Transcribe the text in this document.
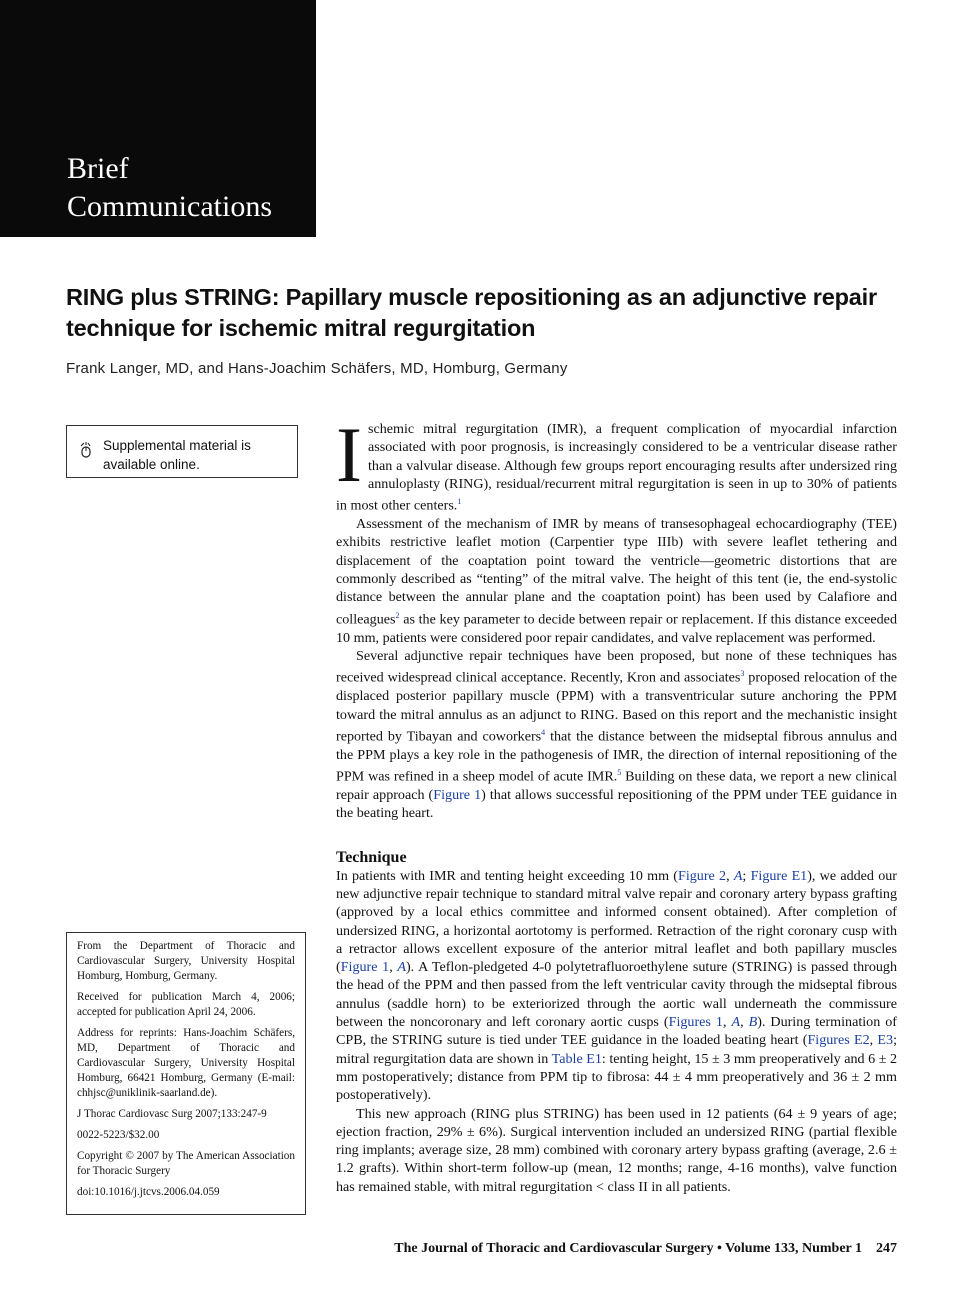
Brief
Communications
RING plus STRING: Papillary muscle repositioning as an adjunctive repair technique for ischemic mitral regurgitation
Frank Langer, MD, and Hans-Joachim Schäfers, MD, Homburg, Germany
Supplemental material is available online.	Ischemic mitral regurgitation (IMR), a frequent complication of myocardial infarction associated with poor prognosis, is increasingly considered to be a ventricular disease rather than a valvular disease. Although few groups report encouraging results after undersized ring annuloplasty (RING), residual/recurrent mitral regurgitation is seen in up to 30% of patients in most other centers.$^1$

Assessment of the mechanism of IMR by means of transesophageal echocardiography (TEE) exhibits restrictive leaflet motion (Carpentier type IIIb) with severe leaflet tethering and displacement of the coaptation point toward the ventricle—geometric distortions that are commonly described as “tenting” of the mitral valve. The height of this tent (ie, the end-systolic distance between the annular plane and the coaptation point) has been used by Calafiore and colleagues$^2$ as the key parameter to decide between repair or replacement. If this distance exceeded 10 mm, patients were considered poor repair candidates, and valve replacement was performed.

Several adjunctive repair techniques have been proposed, but none of these techniques has received widespread clinical acceptance. Recently, Kron and associates$^3$ proposed relocation of the displaced posterior papillary muscle (PPM) with a transventricular suture anchoring the PPM toward the mitral annulus as an adjunct to RING. Based on this report and the mechanistic insight reported by Tibayan and coworkers$^4$ that the distance between the midseptal fibrous annulus and the PPM plays a key role in the pathogenesis of IMR, the direction of internal repositioning of the PPM was refined in a sheep model of acute IMR.$^5$ Building on these data, we report a new clinical repair approach (Figure 1) that allows successful repositioning of the PPM under TEE guidance in the beating heart.

Technique

In patients with IMR and tenting height exceeding 10 mm (Figure 2, A; Figure E1), we added our new adjunctive repair technique to standard mitral valve repair and coronary artery bypass grafting (approved by a local ethics committee and informed consent obtained). After completion of undersized RING, a horizontal aortotomy is performed. Retraction of the right coronary cusp with a retractor allows excellent exposure of the anterior mitral leaflet and both papillary muscles (Figure 1, A). A Teflon-pledgeted 4-0 polytetrafluoroethylene suture (STRING) is passed through the head of the PPM and then passed from the left ventricular cavity through the midseptal fibrous annulus (saddle horn) to be exteriorized through the aortic wall underneath the commissure between the noncoronary and left coronary aortic cusps (Figures 1, A, B). During termination of CPB, the STRING suture is tied under TEE guidance in the loaded beating heart (Figures E2, E3; mitral regurgitation data are shown in Table E1: tenting height, 15 ± 3 mm preoperatively and 6 ± 2 mm postoperatively; distance from PPM tip to fibrosa: 44 ± 4 mm preoperatively and 36 ± 2 mm postoperatively).

This new approach (RING plus STRING) has been used in 12 patients (64 ± 9 years of age; ejection fraction, 29% ± 6%). Surgical intervention included an undersized RING (partial flexible ring implants; average size, 28 mm) combined with coronary artery bypass grafting (average, 2.6 ± 1.2 grafts). Within short-term follow-up (mean, 12 months; range, 4-16 months), valve function has remained stable, with mitral regurgitation < class II in all patients.

From the Department of Thoracic and Cardiovascular Surgery, University Hospital Homburg, Homburg, Germany.

Received for publication March 4, 2006; accepted for publication April 24, 2006.

Address for reprints: Hans-Joachim Schäfers, MD, Department of Thoracic and Cardiovascular Surgery, University Hospital Homburg, 66421 Homburg, Germany (E-mail: chhjsc@uniklinik-saarland.de).

J Thorac Cardiovasc Surg 2007;133:247-9

0022-5223/$32.00

Copyright © 2007 by The American Association for Thoracic Surgery

doi:10.1016/j.jtcvs.2006.04.059

The Journal of Thoracic and Cardiovascular Surgery • Volume 133, Number 1 247
